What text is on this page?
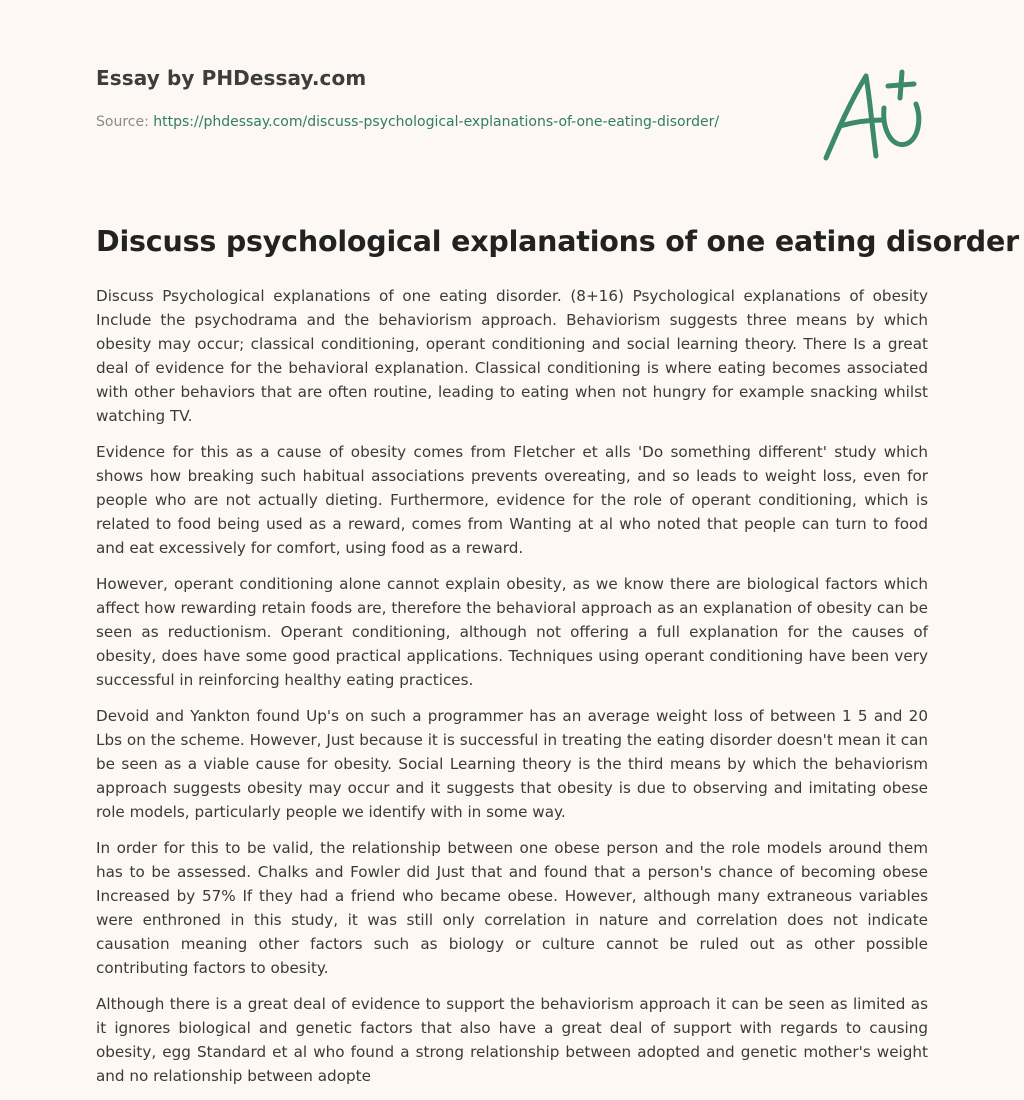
Essay by PHDessay.com
Source: https://phdessay.com/discuss-psychological-explanations-of-one-eating-disorder/
Discuss psychological explanations of one eating disorder

Discuss Psychological explanations of one eating disorder. (8+16) Psychological explanations of obesity Include the psychodrama and the behaviorism approach. Behaviorism suggests three means by which obesity may occur; classical conditioning, operant conditioning and social learning theory. There Is a great deal of evidence for the behavioral explanation. Classical conditioning is where eating becomes associated with other behaviors that are often routine, leading to eating when not hungry for example snacking whilst watching TV.

Evidence for this as a cause of obesity comes from Fletcher et alls 'Do something different' study which shows how breaking such habitual associations prevents overeating, and so leads to weight loss, even for people who are not actually dieting. Furthermore, evidence for the role of operant conditioning, which is related to food being used as a reward, comes from Wanting at al who noted that people can turn to food and eat excessively for comfort, using food as a reward.

However, operant conditioning alone cannot explain obesity, as we know there are biological factors which affect how rewarding retain foods are, therefore the behavioral approach as an explanation of obesity can be seen as reductionism. Operant conditioning, although not offering a full explanation for the causes of obesity, does have some good practical applications. Techniques using operant conditioning have been very successful in reinforcing healthy eating practices.

Devoid and Yankton found Up's on such a programmer has an average weight loss of between 1 5 and 20 Lbs on the scheme. However, Just because it is successful in treating the eating disorder doesn't mean it can be seen as a viable cause for obesity. Social Learning theory is the third means by which the behaviorism approach suggests obesity may occur and it suggests that obesity is due to observing and imitating obese role models, particularly people we identify with in some way.

In order for this to be valid, the relationship between one obese person and the role models around them has to be assessed. Chalks and Fowler did Just that and found that a person's chance of becoming obese Increased by 57% If they had a friend who became obese. However, although many extraneous variables were enthroned in this study, it was still only correlation in nature and correlation does not indicate causation meaning other factors such as biology or culture cannot be ruled out as other possible contributing factors to obesity.

Although there is a great deal of evidence to support the behaviorism approach it can be seen as limited as it ignores biological and genetic factors that also have a great deal of support with regards to causing obesity, egg Standard et al who found a strong relationship between adopted and genetic mother's weight and no relationship between adopte
